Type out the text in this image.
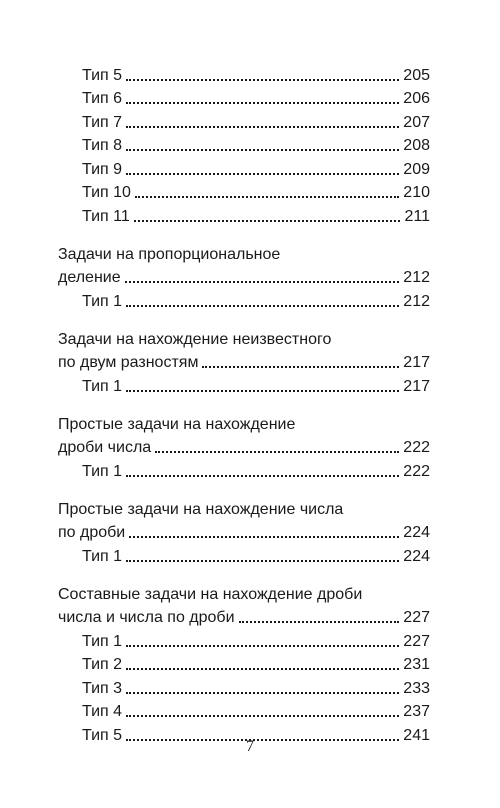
Тип 5	205
Тип 6	206
Тип 7	207
Тип 8	208
Тип 9	209
Тип 10	210
Тип 11	211
Задачи на пропорциональное
деление	212
Тип 1	212
Задачи на нахождение неизвестного
по двум разностям	217
Тип 1	217
Простые задачи на нахождение
дроби числа	222
Тип 1	222
Простые задачи на нахождение числа
по дроби	224
Тип 1	224
Составные задачи на нахождение дроби
числа и числа по дроби	227
Тип 1	227
Тип 2	231
Тип 3	233
Тип 4	237
Тип 5	241
7
